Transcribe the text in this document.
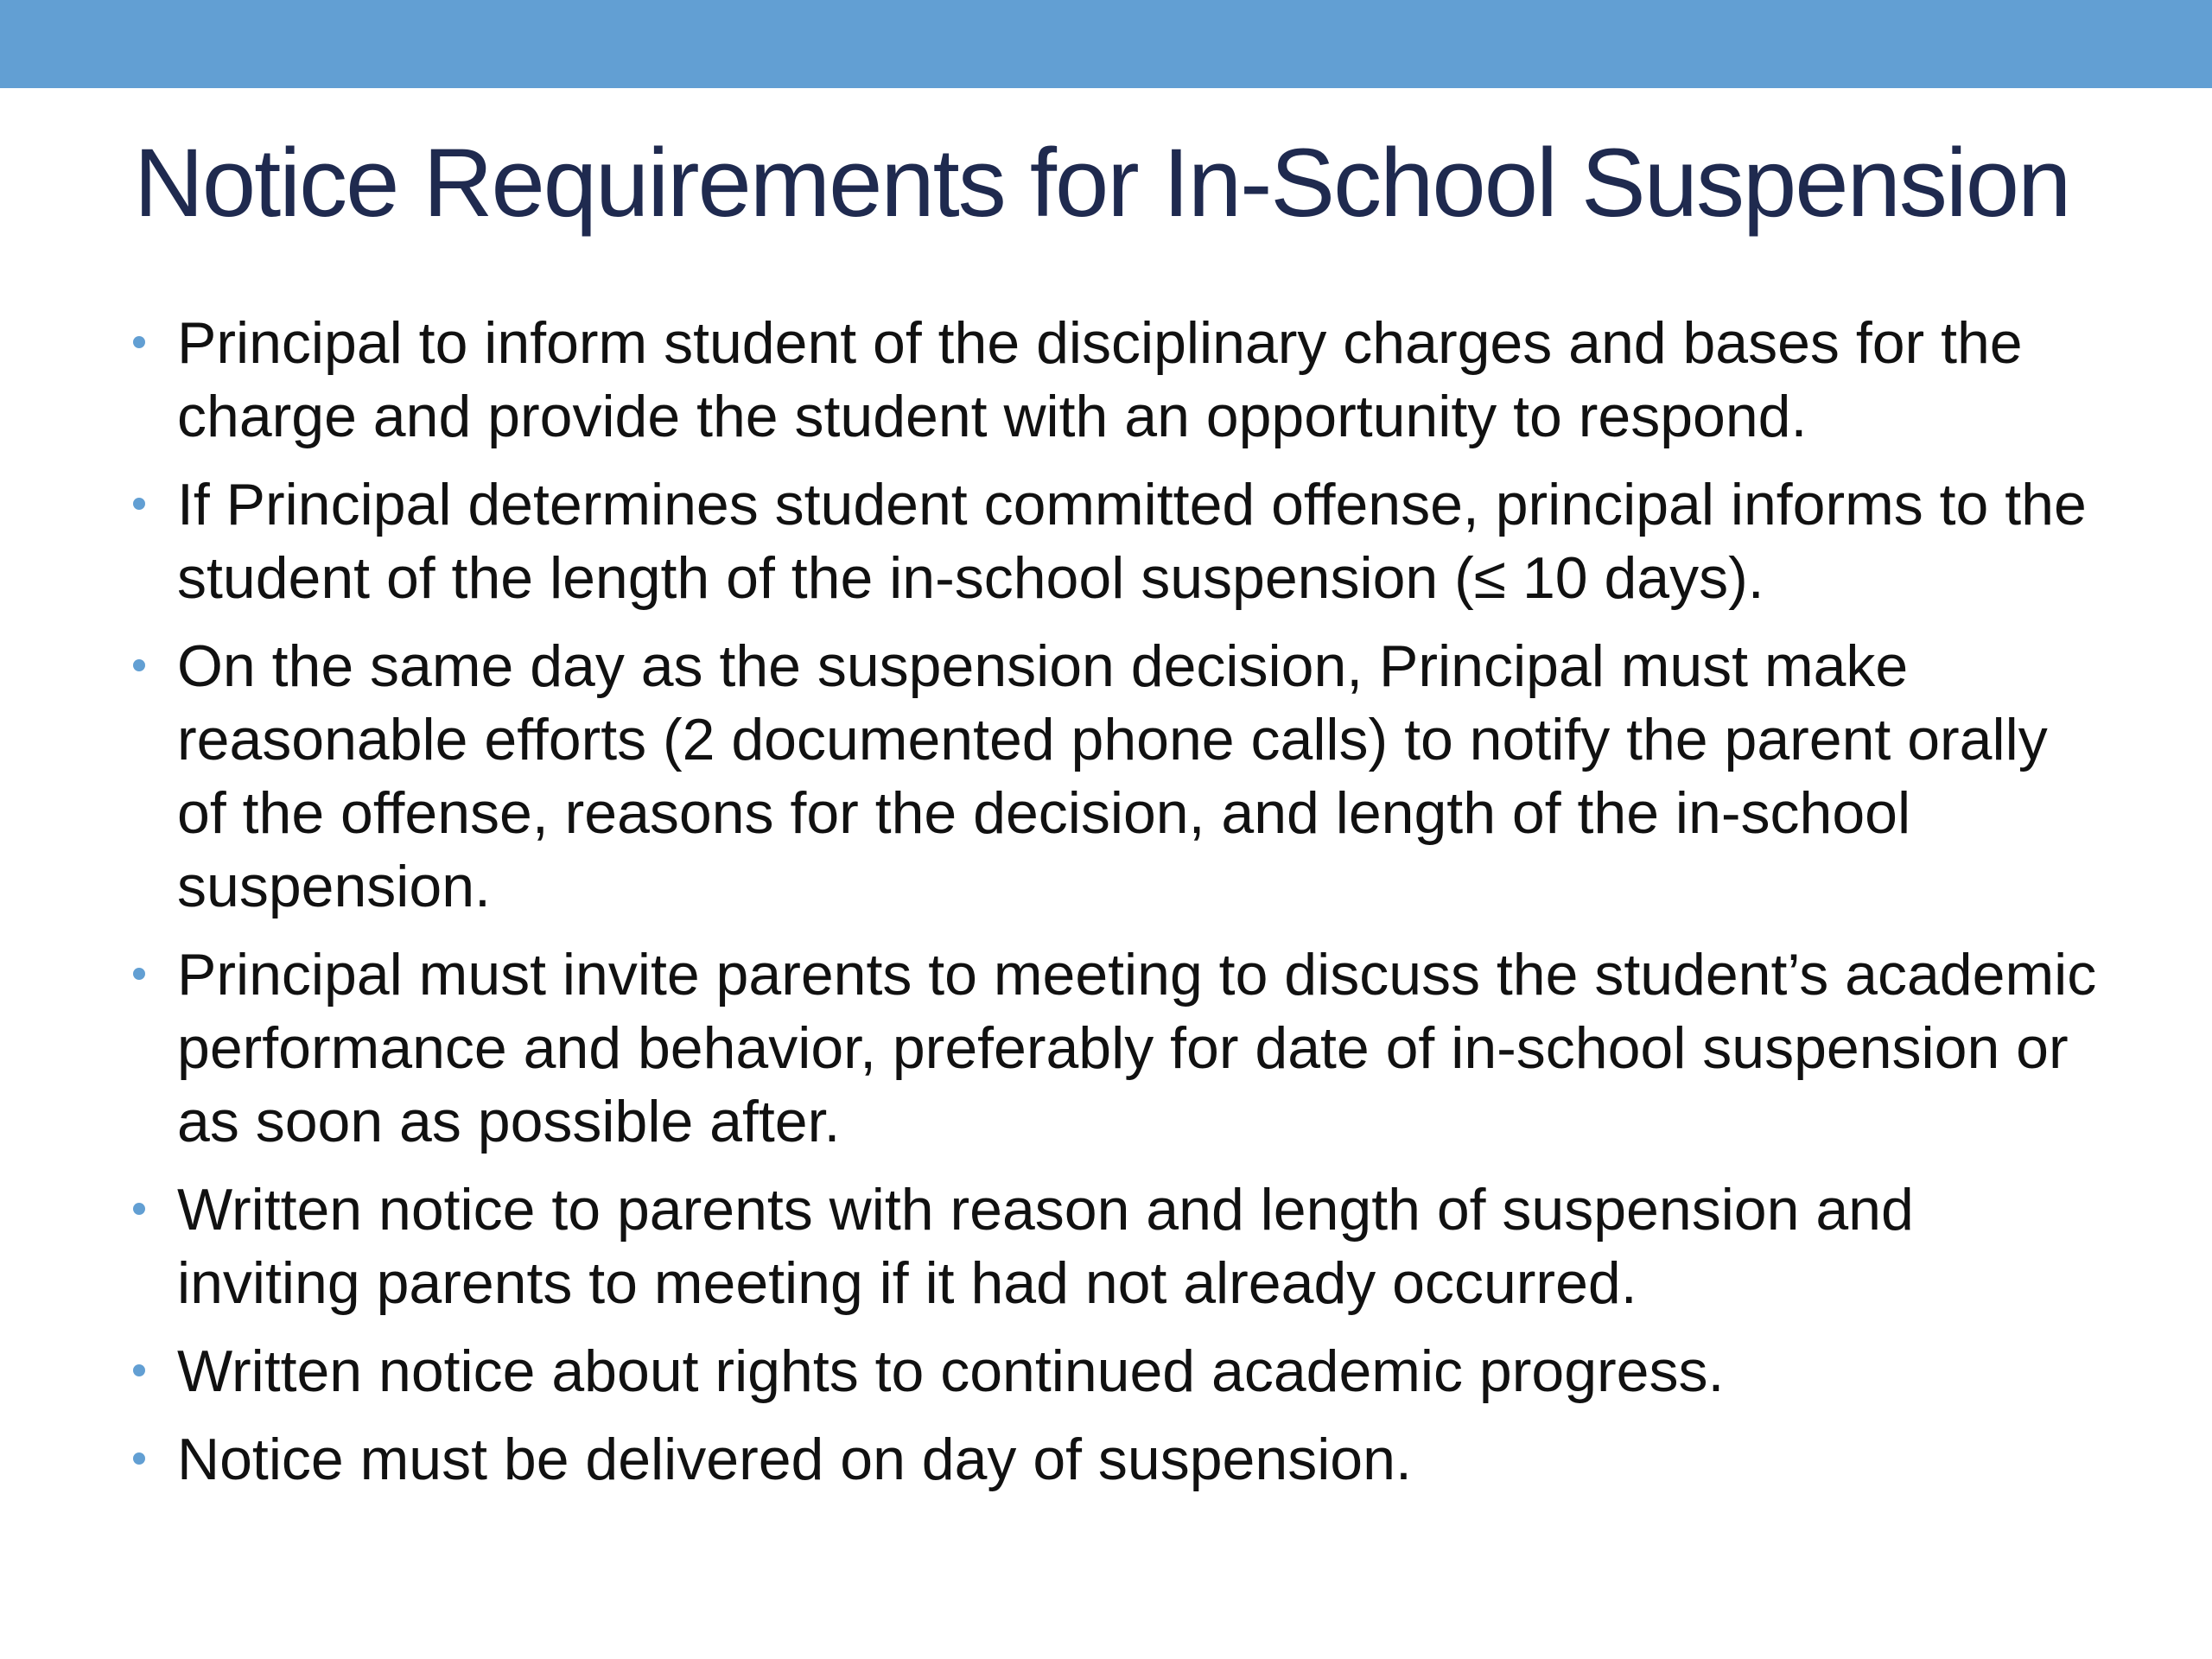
Notice Requirements for In-School Suspension
Principal to inform student of the disciplinary charges and bases for the charge and provide the student with an opportunity to respond.
If Principal determines student committed offense, principal informs to the student of the length of the in-school suspension (≤ 10 days).
On the same day as the suspension decision, Principal must make reasonable efforts (2 documented phone calls) to notify the parent orally of the offense, reasons for the decision, and length of the in-school suspension.
Principal must invite parents to meeting to discuss the student’s academic performance and behavior, preferably for date of in-school suspension or as soon as possible after.
Written notice to parents with reason and length of suspension and inviting parents to meeting if it had not already occurred.
Written notice about rights to continued academic progress.
Notice must be delivered on day of suspension.
